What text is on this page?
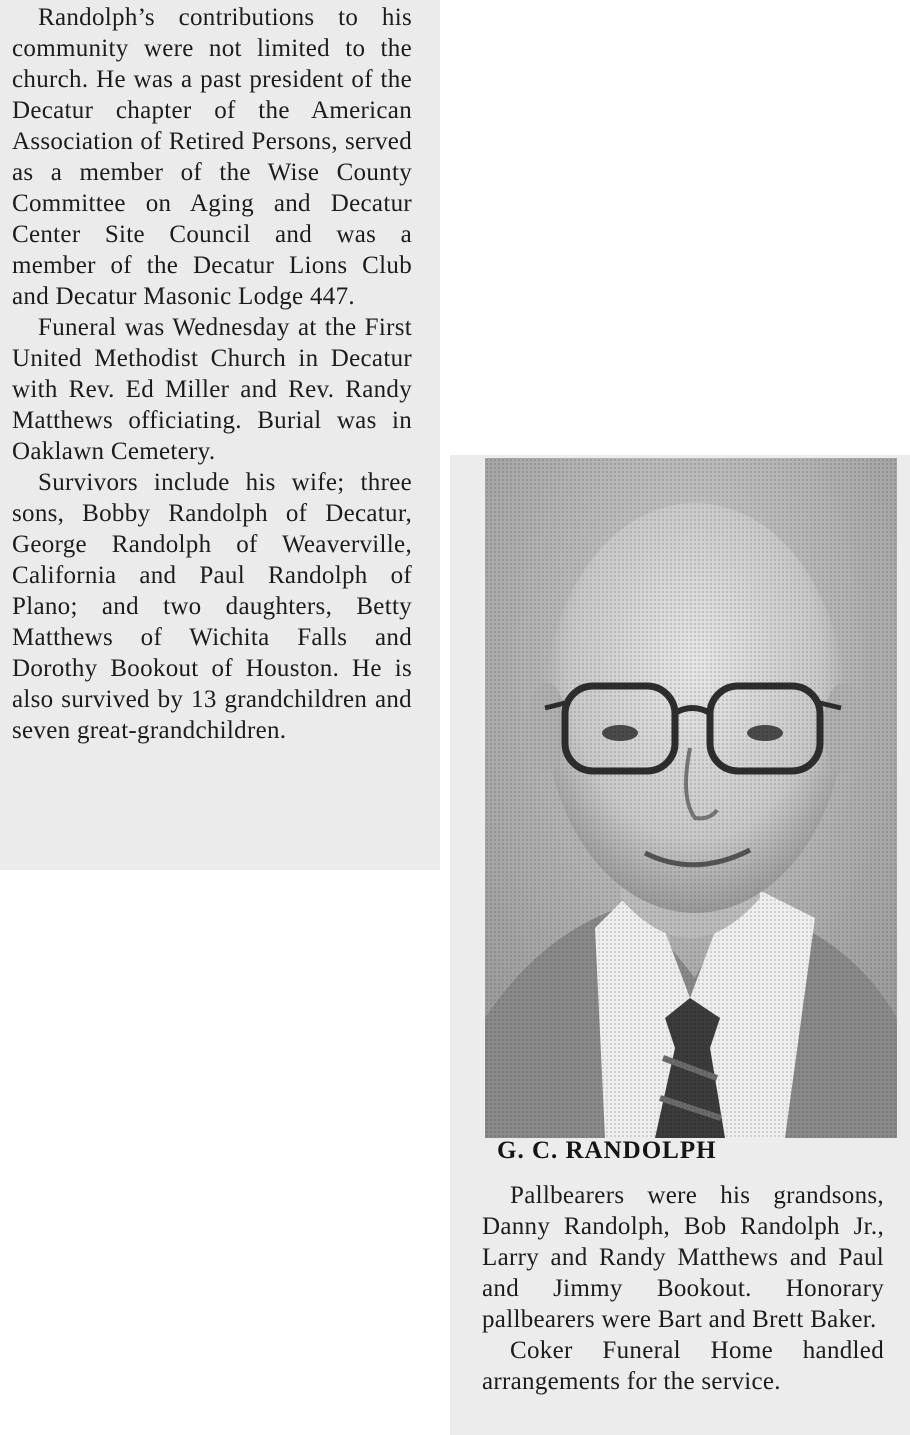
Randolph’s contributions to his community were not limited to the church. He was a past president of the Decatur chapter of the American Association of Retired Persons, served as a member of the Wise County Committee on Aging and Decatur Center Site Council and was a member of the Decatur Lions Club and Decatur Masonic Lodge 447.

Funeral was Wednesday at the First United Methodist Church in Decatur with Rev. Ed Miller and Rev. Randy Matthews officiating. Burial was in Oaklawn Cemetery.

Survivors include his wife; three sons, Bobby Randolph of Decatur, George Randolph of Weaverville, California and Paul Randolph of Plano; and two daughters, Betty Matthews of Wichita Falls and Dorothy Bookout of Houston. He is also survived by 13 grandchildren and seven great-grandchildren.

G. C. RANDOLPH

Pallbearers were his grandsons, Danny Randolph, Bob Randolph Jr., Larry and Randy Matthews and Paul and Jimmy Bookout. Honorary pallbearers were Bart and Brett Baker.

Coker Funeral Home handled arrangements for the service.
